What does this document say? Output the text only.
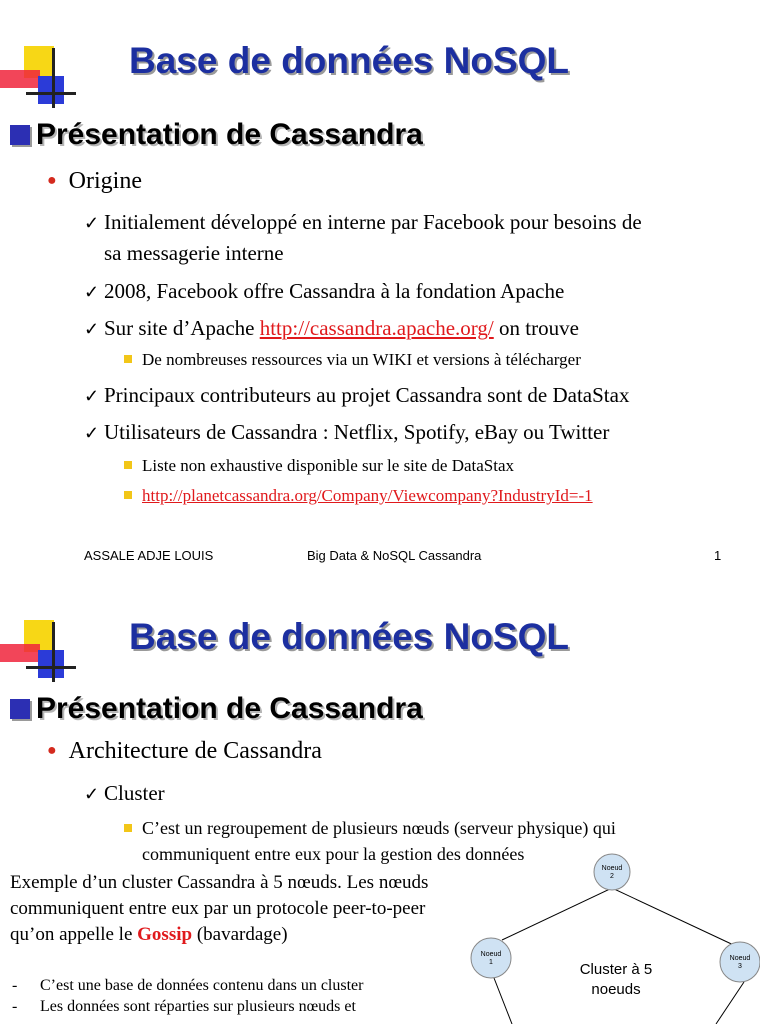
Base de données NoSQL
Présentation de Cassandra
● Origine
✓ Initialement développé en interne par Facebook pour besoins de
sa messagerie interne
✓ 2008, Facebook offre Cassandra à la fondation Apache
✓ Sur site d’Apache http://cassandra.apache.org/ on trouve
De nombreuses ressources via un WIKI et versions à télécharger
✓ Principaux contributeurs au projet Cassandra sont de DataStax
✓ Utilisateurs de Cassandra : Netflix, Spotify, eBay ou Twitter
Liste non exhaustive disponible sur le site de DataStax
http://planetcassandra.org/Company/Viewcompany?IndustryId=-1
ASSALE ADJE LOUIS	Big Data & NoSQL Cassandra	1
Base de données NoSQL
Présentation de Cassandra
● Architecture de Cassandra
✓ Cluster
C’est un regroupement de plusieurs nœuds (serveur physique) qui
communiquent entre eux pour la gestion des données
Exemple d’un cluster Cassandra à 5 nœuds. Les nœuds
communiquent entre eux par un protocole peer-to-peer
qu’on appelle le Gossip (bavardage)
- C’est une base de données contenu dans un cluster
- Les données sont réparties sur plusieurs nœuds et
Noeud
2
Noeud
1
Noeud
3
Cluster à 5
noeuds
